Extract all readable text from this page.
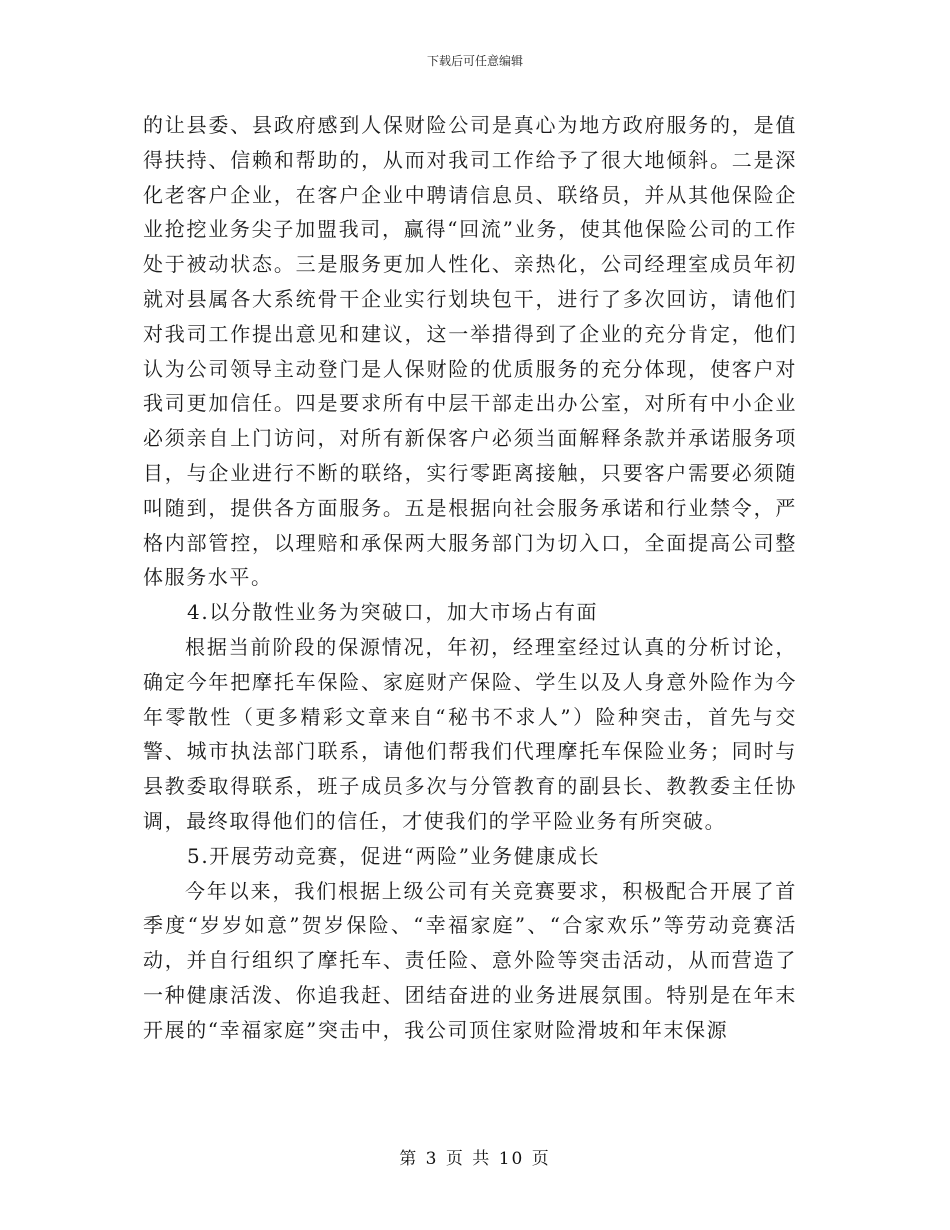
下载后可任意编辑

的让县委、县政府感到人保财险公司是真心为地方政府服务的，是值得扶持、信赖和帮助的，从而对我司工作给予了很大地倾斜。二是深化老客户企业，在客户企业中聘请信息员、联络员，并从其他保险企业抢挖业务尖子加盟我司，赢得“回流”业务，使其他保险公司的工作处于被动状态。三是服务更加人性化、亲热化，公司经理室成员年初就对县属各大系统骨干企业实行划块包干，进行了多次回访，请他们对我司工作提出意见和建议，这一举措得到了企业的充分肯定，他们认为公司领导主动登门是人保财险的优质服务的充分体现，使客户对我司更加信任。四是要求所有中层干部走出办公室，对所有中小企业必须亲自上门访问，对所有新保客户必须当面解释条款并承诺服务项目，与企业进行不断的联络，实行零距离接触，只要客户需要必须随叫随到，提供各方面服务。五是根据向社会服务承诺和行业禁令，严格内部管控，以理赔和承保两大服务部门为切入口，全面提高公司整体服务水平。

4.以分散性业务为突破口，加大市场占有面

根据当前阶段的保源情况，年初，经理室经过认真的分析讨论，确定今年把摩托车保险、家庭财产保险、学生以及人身意外险作为今年零散性（更多精彩文章来自“秘书不求人”）险种突击，首先与交警、城市执法部门联系，请他们帮我们代理摩托车保险业务；同时与县教委取得联系，班子成员多次与分管教育的副县长、教教委主任协调，最终取得他们的信任，才使我们的学平险业务有所突破。

5.开展劳动竞赛，促进“两险”业务健康成长

今年以来，我们根据上级公司有关竞赛要求，积极配合开展了首季度“岁岁如意”贺岁保险、“幸福家庭”、“合家欢乐”等劳动竞赛活动，并自行组织了摩托车、责任险、意外险等突击活动，从而营造了一种健康活泼、你追我赶、团结奋进的业务进展氛围。特别是在年末开展的“幸福家庭”突击中，我公司顶住家财险滑坡和年末保源

第 3 页 共 10 页
